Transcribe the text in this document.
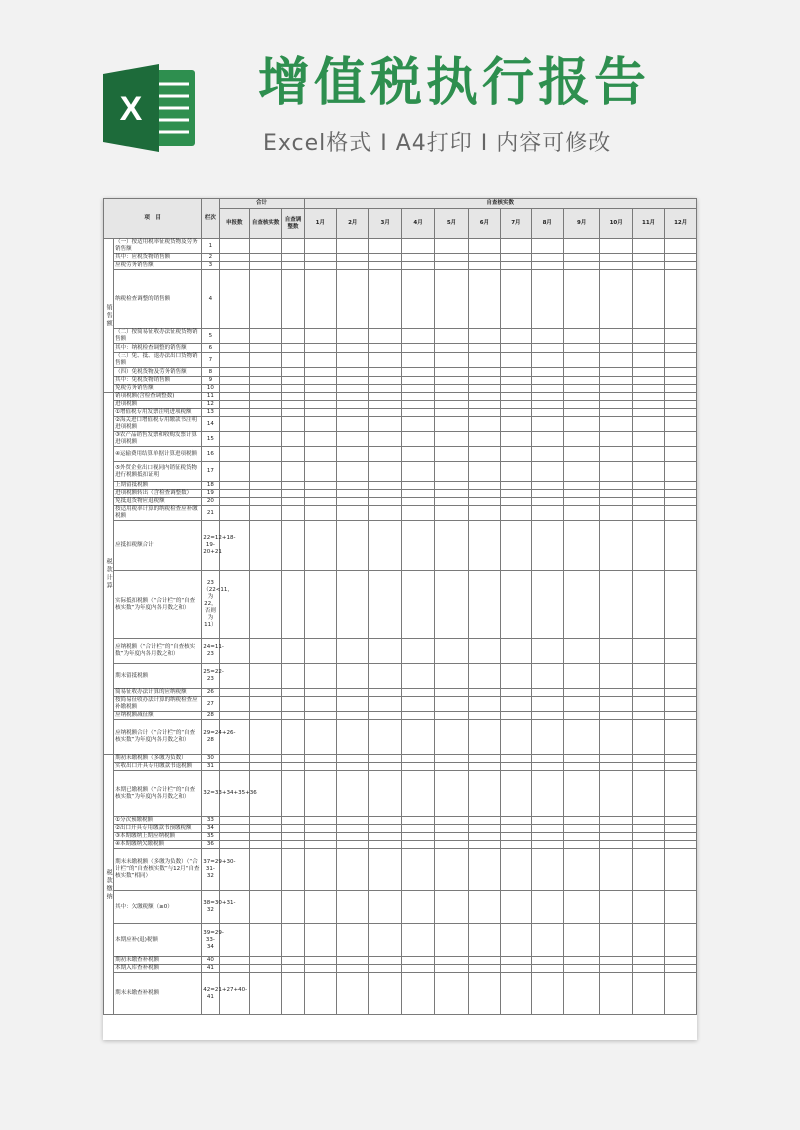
X 增值税执行报告
Excel格式 I A4打印 I 内容可修改
项　目		栏次	合计			自查核实数											
			申报数	自查核实数	自查调整数	1月	2月	3月	4月	5月	6月	7月	8月	9月	10月	11月	12月
销售额	（一）按适用税率征税货物及劳务销售额	1															
	其中：应税货物销售额	2															
	应税劳务销售额	3															
	纳税检查调整的销售额	4															
	（二）按简易征收办法征税货物销售额	5															
	其中：纳税检查调整的销售额	6															
	（三）免、抵、退办法出口货物销售额	7															
	（四）免税货物及劳务销售额	8															
	其中：免税货物销售额	9															
	免税劳务销售额	10															
税款计算	销项税额(含检查调整数)	11															
	进项税额	12															
	①增值税专用发票注明进项税额	13															
	②海关进口增值税专用缴款书注明进项税额	14															
	③农产品销售发票和收购发票计算进项税额	15															
	④运输费用结算单据计算进项税额	16															
	⑤外贸企业出口视同内销征税货物进行税额抵扣证明	17															
	上期留抵税额	18															
	进项税额转出（含检查调整数）	19															
	免抵退货物应退税额	20															
	按适用税率计算的纳税检查应补缴税额	21															
	应抵扣税额合计	22=12+18-19-20+21															
	实际抵扣税额（“合计栏”的“自查核实数”为年度内各月数之和）	23（22<11，为22，否则为11）															
	应纳税额（“合计栏”的“自查核实数”为年度内各月数之和）	24=11-23															
	期末留抵税额	25=22-23															
	简易征收办法计算的应纳税额	26															
	按简易征收办法计算的纳税检查应补缴税额	27															
	应纳税额减征额	28															
	应纳税额合计（“合计栏”的“自查核实数”为年度内各月数之和）	29=24+26-28															
税款缴纳	期初未缴税额（多缴为负数）	30															
	实收出口开具专用缴款书退税额	31															
	本期已缴税额（“合计栏”的“自查核实数”为年度内各月数之和）	32=33+34+35+36															
	①分次预缴税额	33															
	②出口开具专用缴款书预缴税额	34															
	③本期缴纳上期应纳税额	35															
	④本期缴纳欠缴税额	36															
	期末未缴税额（多缴为负数）（“合计栏”的“自查核实数”与12月“自查核实数”相同）	37=29+30-31-32															
	其中：欠缴税额（≥0）	38=30+31-32															
	本期应补(退)税额	39=29-33-34															
	期初未缴查补税额	40															
	本期入库查补税额	41															
	期末未缴查补税额	42=21+27+40-41															
